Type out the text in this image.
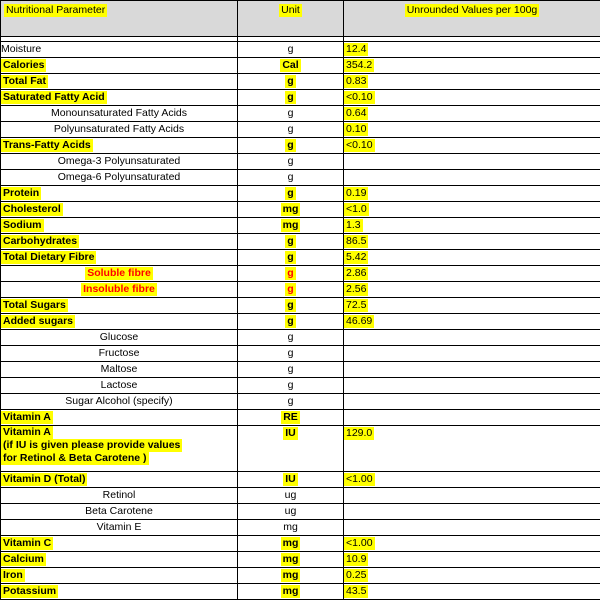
Nutritional Parameter	Unit	Unrounded Values per 100g

Moisture	g	12.4
Calories	Cal	354.2
Total Fat	g	0.83
Saturated Fatty Acid	g	<0.10
Monounsaturated Fatty Acids	g	0.64
Polyunsaturated Fatty Acids	g	0.10
Trans-Fatty Acids	g	<0.10
Omega-3 Polyunsaturated	g	
Omega-6 Polyunsaturated	g	
Protein	g	0.19
Cholesterol	mg	<1.0
Sodium	mg	1.3
Carbohydrates	g	86.5
Total Dietary Fibre	g	5.42
Soluble fibre	g	2.86
Insoluble fibre	g	2.56
Total Sugars	g	72.5
Added sugars	g	46.69
Glucose	g	
Fructose	g	
Maltose	g	
Lactose	g	
Sugar Alcohol (specify)	g	
Vitamin A	RE	

Vitamin A
(if IU is given please provide values
for Retinol & Beta Carotene )	IU	129.0
Vitamin D (Total)	IU	<1.00
Retinol	ug	
Beta Carotene	ug	
Vitamin E	mg	
Vitamin C	mg	<1.00
Calcium	mg	10.9
Iron	mg	0.25
Potassium	mg	43.5
